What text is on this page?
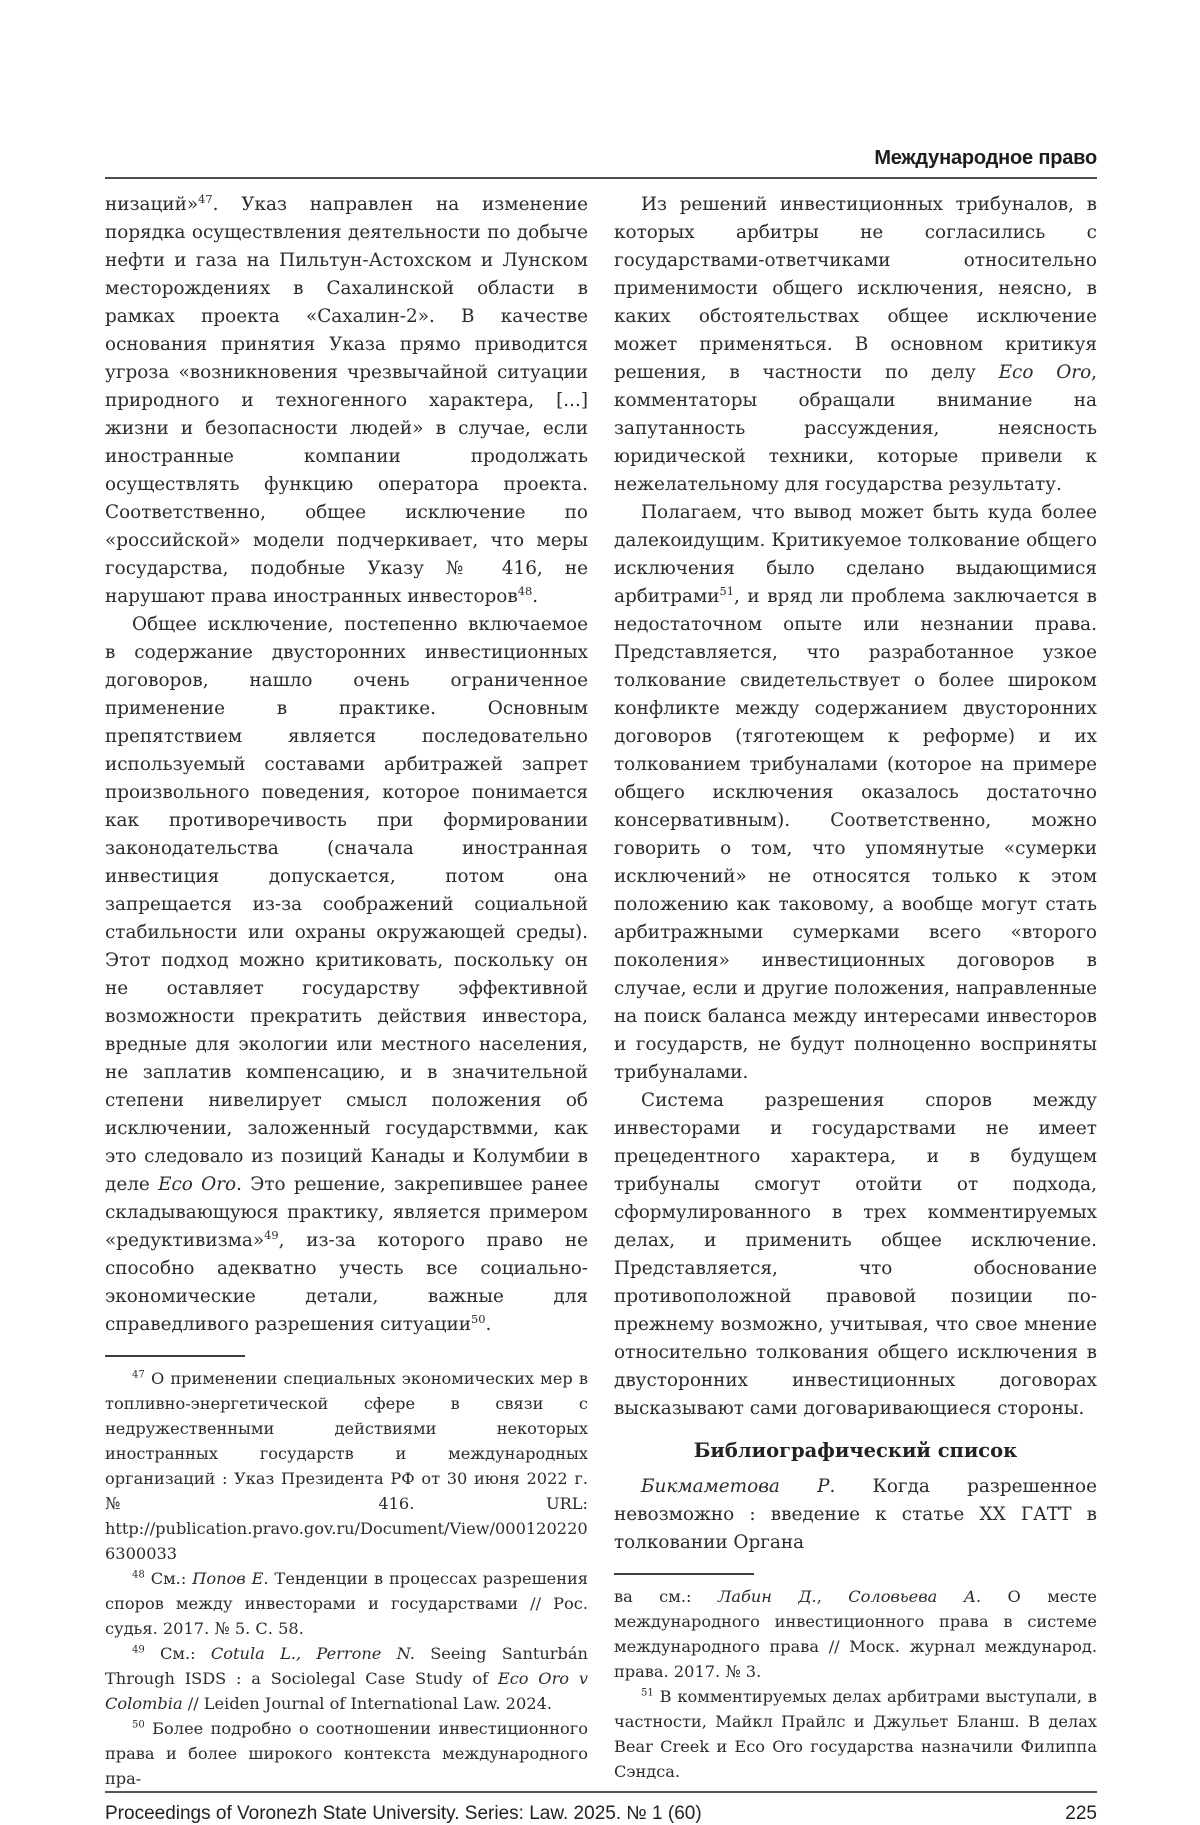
Международное право

низаций»$^{47}$. Указ направлен на изменение порядка осуществления деятельности по добыче нефти и газа на Пильтун-Астохском и Лунском месторождениях в Сахалинской области в рамках проекта «Сахалин-2». В качестве основания принятия Указа прямо приводится угроза «возникновения чрезвычайной ситуации природного и техногенного характера, [...] жизни и безопасности людей» в случае, если иностранные компании продолжать осуществлять функцию оператора проекта. Соответственно, общее исключение по «российской» модели подчеркивает, что меры государства, подобные Указу № 416, не нарушают права иностранных инвесторов$^{48}$.

Общее исключение, постепенно включаемое в содержание двусторонних инвестиционных договоров, нашло очень ограниченное применение в практике. Основным препятствием является последовательно используемый составами арбитражей запрет произвольного поведения, которое понимается как противоречивость при формировании законодательства (сначала иностранная инвестиция допускается, потом она запрещается из-за соображений социальной стабильности или охраны окружающей среды). Этот подход можно критиковать, поскольку он не оставляет государству эффективной возможности прекратить действия инвестора, вредные для экологии или местного населения, не заплатив компенсацию, и в значительной степени нивелирует смысл положения об исключении, заложенный государствмми, как это следовало из позиций Канады и Колумбии в деле Eco Oro. Это решение, закрепившее ранее складывающуюся практику, является примером «редуктивизма»$^{49}$, из-за которого право не способно адекватно учесть все социально-экономические детали, важные для справедливого разрешения ситуации$^{50}$.

$^{47}$ О применении специальных экономических мер в топливно-энергетической сфере в связи с недружественными действиями некоторых иностранных государств и международных организаций : Указ Президента РФ от 30 июня 2022 г. № 416. URL: http://publication.pravo.gov.ru/Document/View/0001202206300033

$^{48}$ См.: Попов Е. Тенденции в процессах разрешения споров между инвесторами и государствами // Рос. судья. 2017. № 5. С. 58.

$^{49}$ См.: Cotula L., Perrone N. Seeing Santurbán Through ISDS : a Sociolegal Case Study of Eco Oro v Colombia // Leiden Journal of International Law. 2024.

$^{50}$ Более подробно о соотношении инвестиционного права и более широкого контекста международного пра-

Из решений инвестиционных трибуналов, в которых арбитры не согласились с государствами-ответчиками относительно применимости общего исключения, неясно, в каких обстоятельствах общее исключение может применяться. В основном критикуя решения, в частности по делу Eco Oro, комментаторы обращали внимание на запутанность рассуждения, неясность юридической техники, которые привели к нежелательному для государства результату.

Полагаем, что вывод может быть куда более далекоидущим. Критикуемое толкование общего исключения было сделано выдающимися арбитрами$^{51}$, и вряд ли проблема заключается в недостаточном опыте или незнании права. Представляется, что разработанное узкое толкование свидетельствует о более широком конфликте между содержанием двусторонних договоров (тяготеющем к реформе) и их толкованием трибуналами (которое на примере общего исключения оказалось достаточно консервативным). Соответственно, можно говорить о том, что упомянутые «сумерки исключений» не относятся только к этом положению как таковому, а вообще могут стать арбитражными сумерками всего «второго поколения» инвестиционных договоров в случае, если и другие положения, направленные на поиск баланса между интересами инвесторов и государств, не будут полноценно восприняты трибуналами.

Система разрешения споров между инвесторами и государствами не имеет прецедентного характера, и в будущем трибуналы смогут отойти от подхода, сформулированного в трех комментируемых делах, и применить общее исключение. Представляется, что обоснование противоположной правовой позиции по-прежнему возможно, учитывая, что свое мнение относительно толкования общего исключения в двусторонних инвестиционных договорах высказывают сами договаривающиеся стороны.

Библиографический список

Бикмаметова Р. Когда разрешенное невозможно : введение к статье XX ГАТТ в толковании Органа

ва см.: Лабин Д., Соловьева А. О месте международного инвестиционного права в системе международного права // Моск. журнал международ. права. 2017. № 3.

$^{51}$ В комментируемых делах арбитрами выступали, в частности, Майкл Прайлс и Джульет Бланш. В делах Bear Creek и Eco Oro государства назначили Филиппа Сэндса.

Proceedings of Voronezh State University. Series: Law. 2025. № 1 (60)	225
